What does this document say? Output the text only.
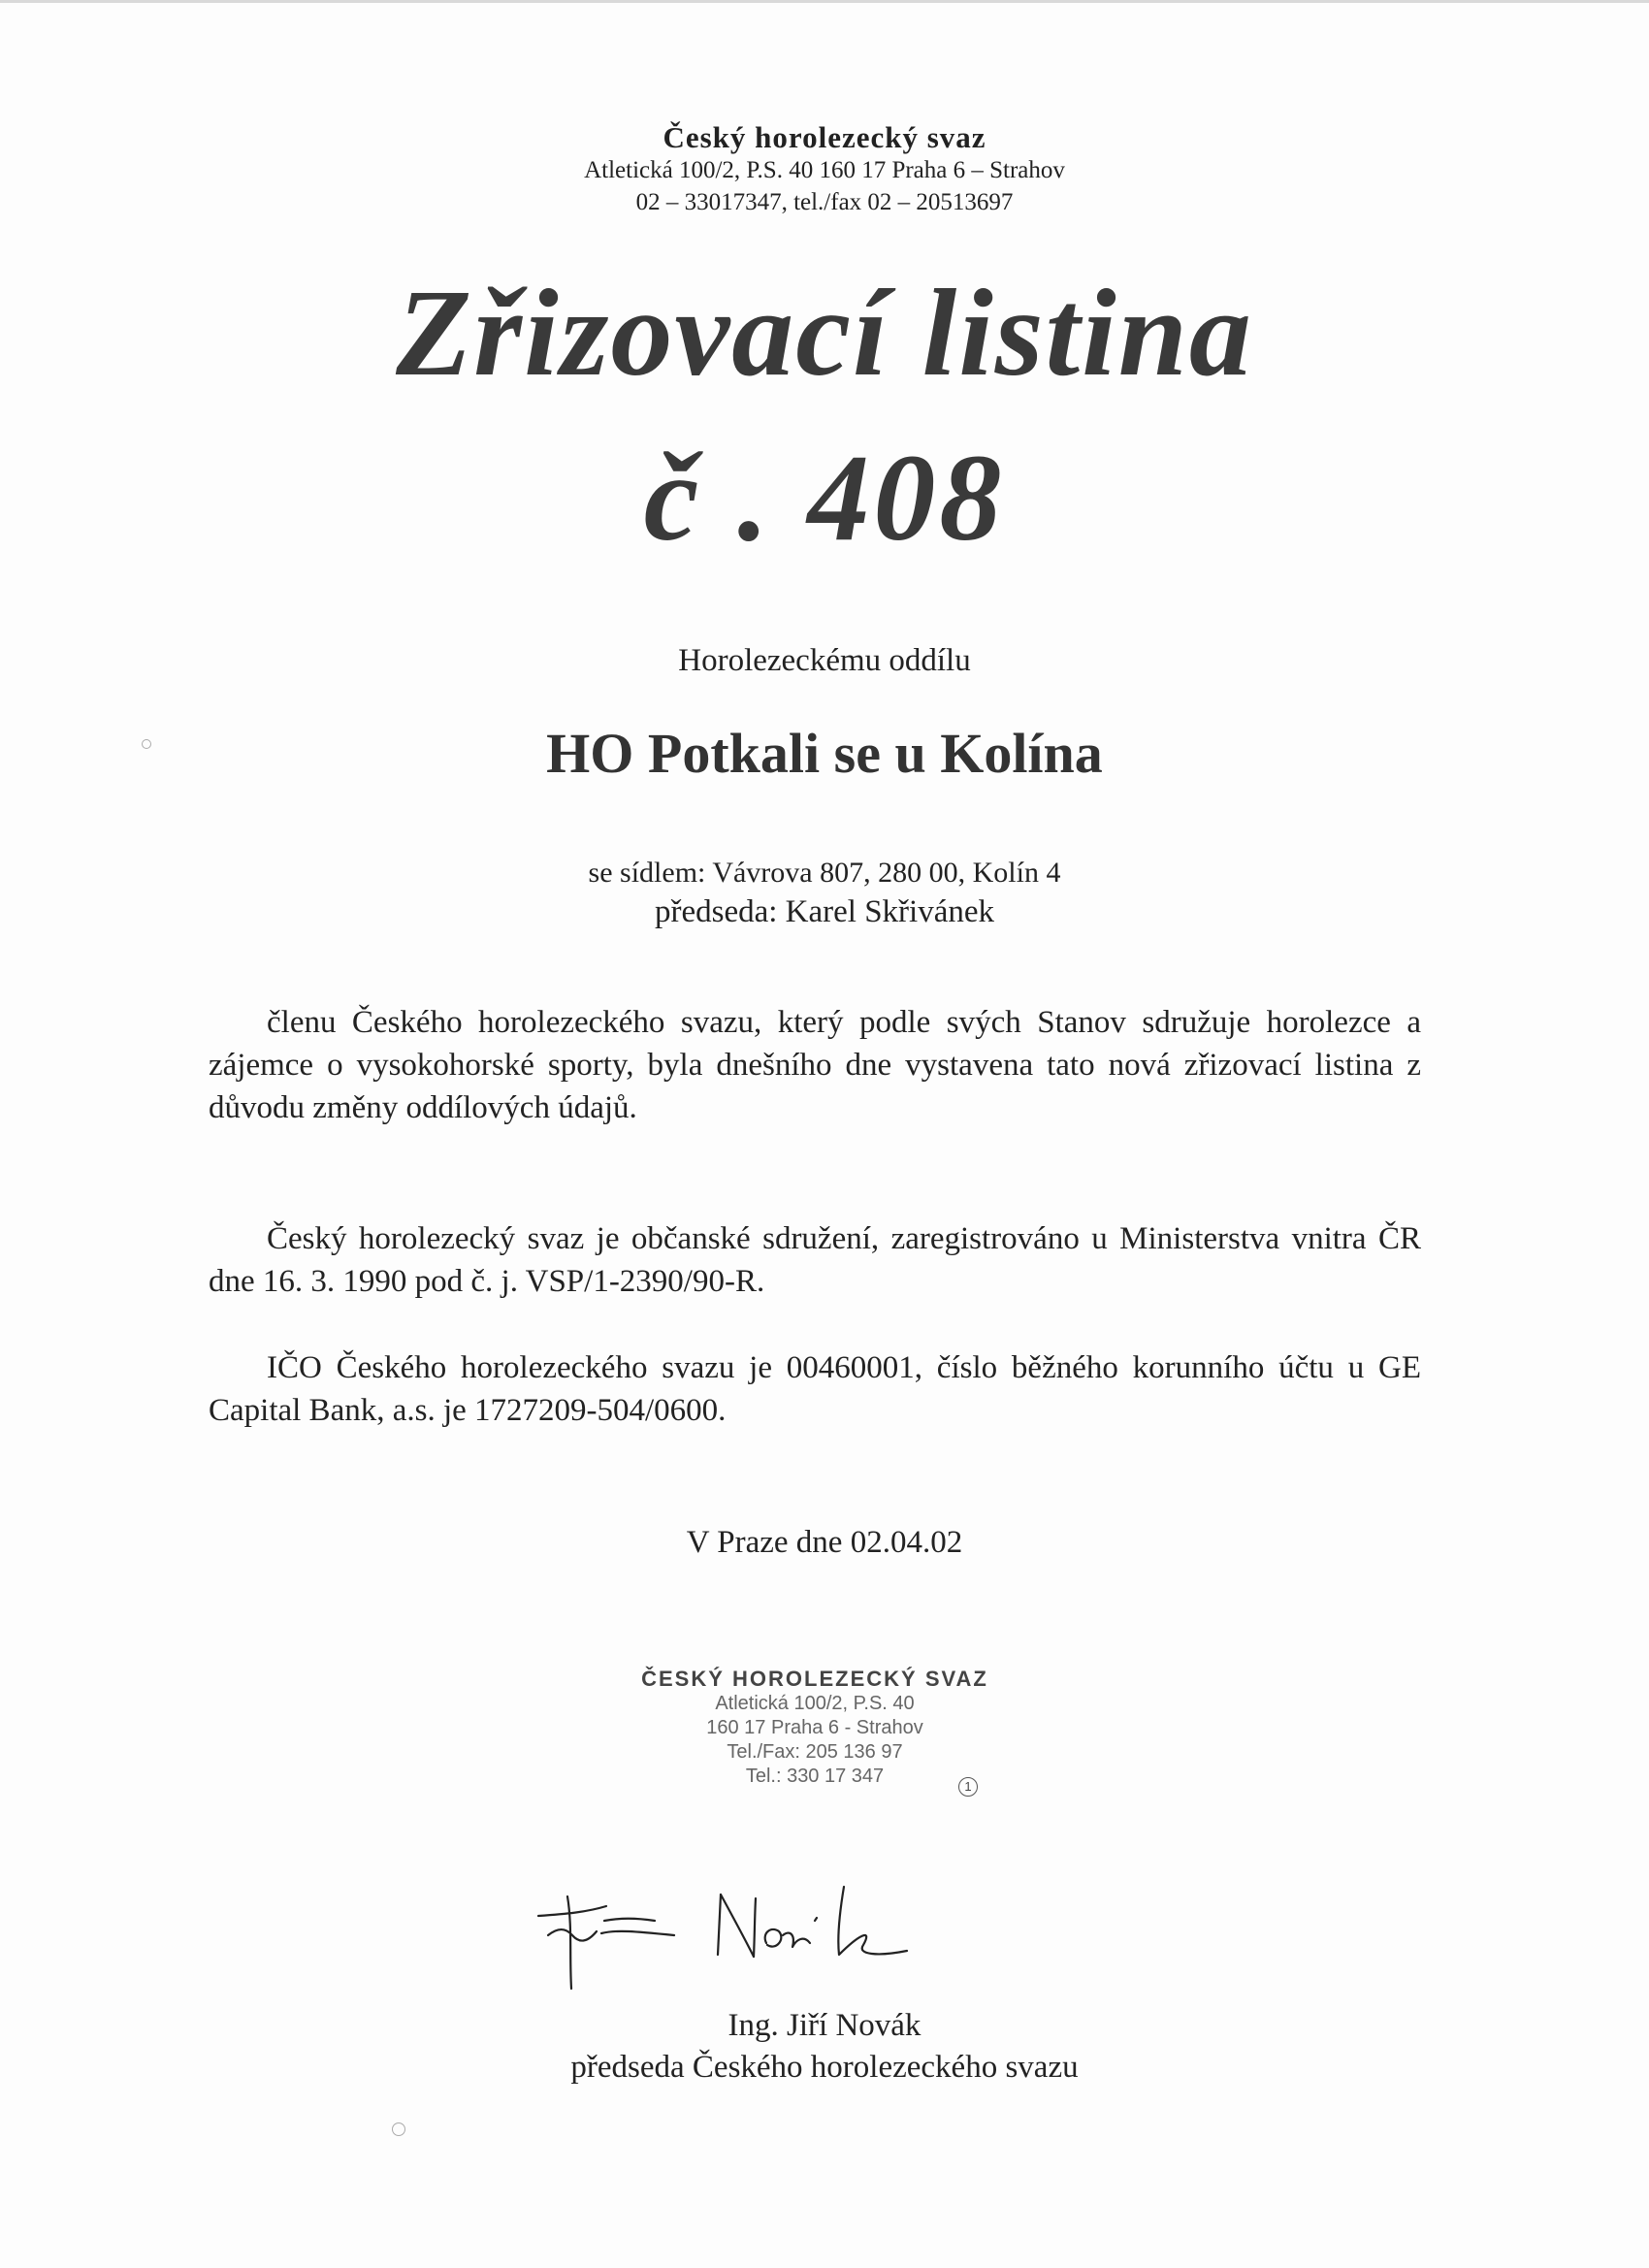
Český horolezecký svaz
Atletická 100/2, P.S. 40 160 17 Praha 6 – Strahov
02 – 33017347, tel./fax 02 – 20513697
Zřizovací listina
č . 408
Horolezeckému oddílu
HO Potkali se u Kolína
se sídlem: Vávrova 807, 280 00, Kolín 4
předseda: Karel Skřivánek
členu Českého horolezeckého svazu, který podle svých Stanov sdružuje horolezce a zájemce o vysokohorské sporty, byla dnešního dne vystavena tato nová zřizovací listina z důvodu změny oddílových údajů.
Český horolezecký svaz je občanské sdružení, zaregistrováno u Ministerstva vnitra ČR dne 16. 3. 1990 pod č. j. VSP/1-2390/90-R.
IČO Českého horolezeckého svazu je 00460001, číslo běžného korunního účtu u GE Capital Bank, a.s. je 1727209-504/0600.
V Praze dne 02.04.02
ČESKÝ HOROLEZECKÝ SVAZ
Atletická 100/2, P.S. 40
160 17 Praha 6 - Strahov
Tel./Fax: 205 136 97
Tel.: 330 17 347	1
Ing. Jiří Novák
předseda Českého horolezeckého svazu
